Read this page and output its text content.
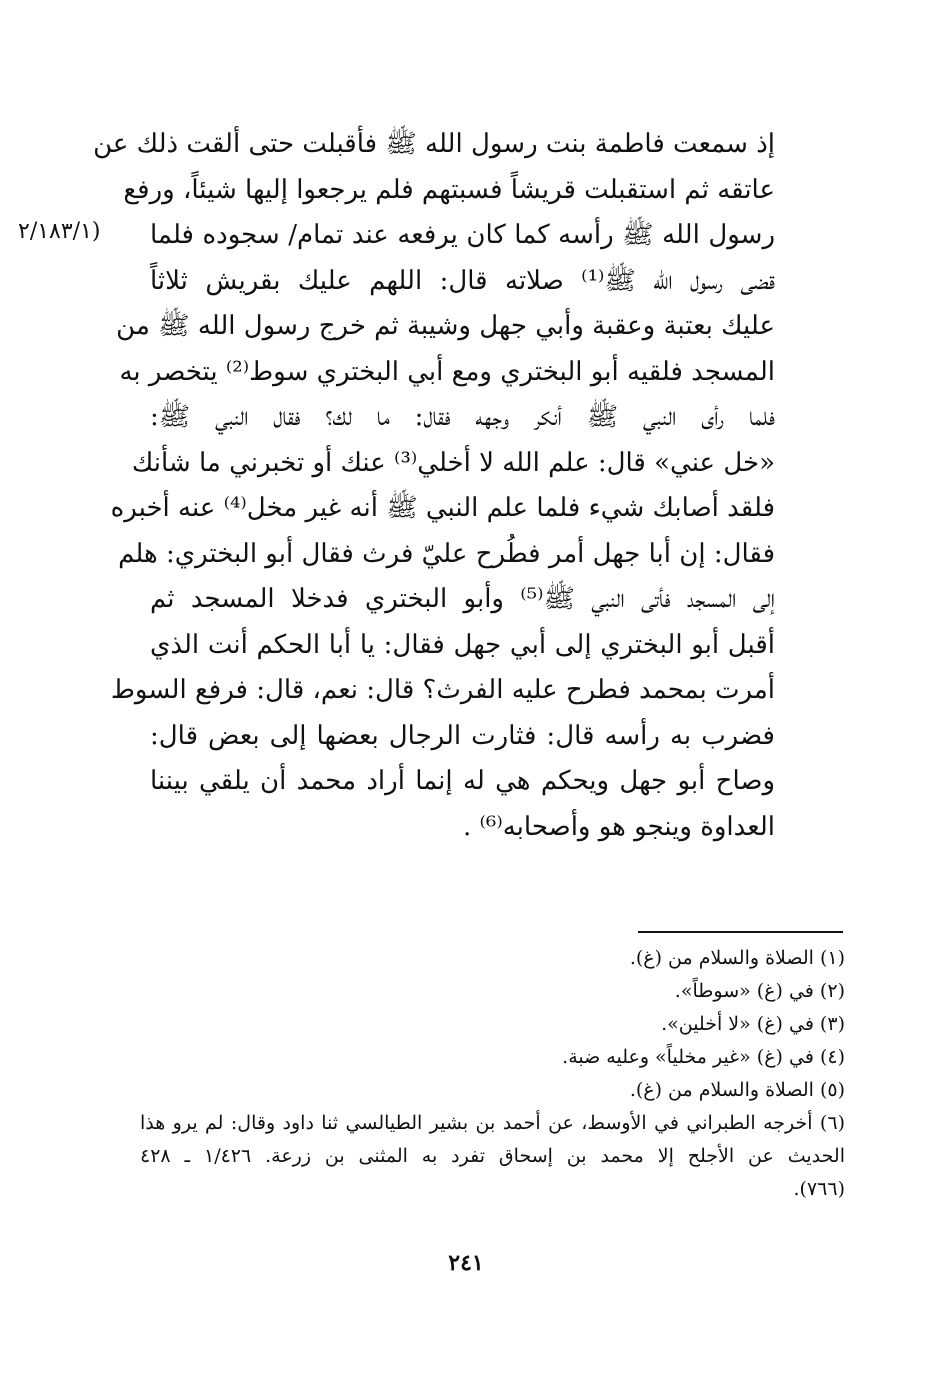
إذ سمعت فاطمة بنت رسول الله ﷺ فأقبلت حتى ألقت ذلك عن
عاتقه ثم استقبلت قريشاً فسبتهم فلم يرجعوا إليها شيئاً، ورفع
رسول الله ﷺ رأسه كما كان يرفعه عند تمام/ سجوده فلما
قضى رسول الله ﷺ⁽¹⁾ صلاته قال: اللهم عليك بقريش ثلاثاً
عليك بعتبة وعقبة وأبي جهل وشيبة ثم خرج رسول الله ﷺ من
المسجد فلقيه أبو البختري ومع أبي البختري سوط⁽²⁾ يتخصر به
فلما رأى النبي ﷺ أنكر وجهه فقال: ما لك؟ فقال النبي ﷺ:
«خل عني» قال: علم الله لا أخلي⁽³⁾ عنك أو تخبرني ما شأنك
فلقد أصابك شيء فلما علم النبي ﷺ أنه غير مخل⁽⁴⁾ عنه أخبره
فقال: إن أبا جهل أمر فطُرح عليّ فرث فقال أبو البختري: هلم
إلى المسجد فأتى النبي ﷺ⁽⁵⁾ وأبو البختري فدخلا المسجد ثم
أقبل أبو البختري إلى أبي جهل فقال: يا أبا الحكم أنت الذي
أمرت بمحمد فطرح عليه الفرث؟ قال: نعم، قال: فرفع السوط
فضرب به رأسه قال: فثارت الرجال بعضها إلى بعض قال:
وصاح أبو جهل ويحكم هي له إنما أراد محمد أن يلقي بيننا
العداوة وينجو هو وأصحابه⁽⁶⁾ .
(٢/١٨٣/١
(١) الصلاة والسلام من (غ).
(٢) في (غ) «سوطاً».
(٣) في (غ) «لا أخلين».
(٤) في (غ) «غير مخلياً» وعليه ضبة.
(٥) الصلاة والسلام من (غ).
(٦) أخرجه الطبراني في الأوسط، عن أحمد بن بشير الطيالسي ثنا داود وقال: لم يرو هذا
الحديث عن الأجلح إلا محمد بن إسحاق تفرد به المثنى بن زرعة. ١/٤٢٦ ـ ٤٢٨
(٧٦٦).
٢٤١
